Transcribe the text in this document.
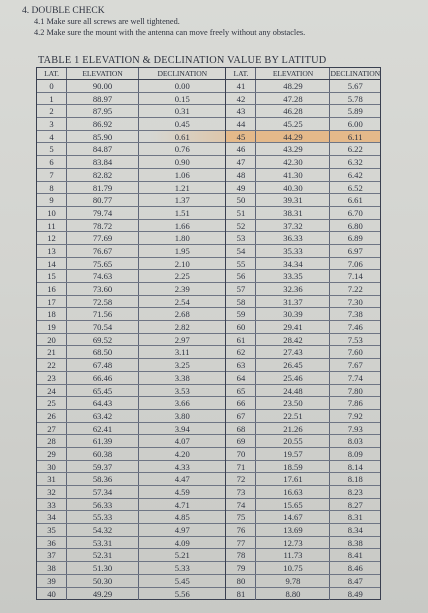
4. DOUBLE CHECK
4.1 Make sure all screws are well tightened.
4.2 Make sure the mount with the antenna can move freely without any obstacles.
TABLE 1 ELEVATION & DECLINATION VALUE BY LATITUD
LAT.	ELEVATION	DECLINATION
0	90.00	0.00
1	88.97	0.15
2	87.95	0.31
3	86.92	0.45
4	85.90	0.61
5	84.87	0.76
6	83.84	0.90
7	82.82	1.06
8	81.79	1.21
9	80.77	1.37
10	79.74	1.51
11	78.72	1.66
12	77.69	1.80
13	76.67	1.95
14	75.65	2.10
15	74.63	2.25
16	73.60	2.39
17	72.58	2.54
18	71.56	2.68
19	70.54	2.82
20	69.52	2.97
21	68.50	3.11
22	67.48	3.25
23	66.46	3.38
24	65.45	3.53
25	64.43	3.66
26	63.42	3.80
27	62.41	3.94
28	61.39	4.07
29	60.38	4.20
30	59.37	4.33
31	58.36	4.47
32	57.34	4.59
33	56.33	4.71
34	55.33	4.85
35	54.32	4.97
36	53.31	4.09
37	52.31	5.21
38	51.30	5.33
39	50.30	5.45
40	49.29	5.56
LAT.	ELEVATION	DECLINATION
41	48.29	5.67
42	47.28	5.78
43	46.28	5.89
44	45.25	6.00
45	44.29	6.11
46	43.29	6.22
47	42.30	6.32
48	41.30	6.42
49	40.30	6.52
50	39.31	6.61
51	38.31	6.70
52	37.32	6.80
53	36.33	6.89
54	35.33	6.97
55	34.34	7.06
56	33.35	7.14
57	32.36	7.22
58	31.37	7.30
59	30.39	7.38
60	29.41	7.46
61	28.42	7.53
62	27.43	7.60
63	26.45	7.67
64	25.46	7.74
65	24.48	7.80
66	23.50	7.86
67	22.51	7.92
68	21.26	7.93
69	20.55	8.03
70	19.57	8.09
71	18.59	8.14
72	17.61	8.18
73	16.63	8.23
74	15.65	8.27
75	14.67	8.31
76	13.69	8.34
77	12.73	8.38
78	11.73	8.41
79	10.75	8.46
80	9.78	8.47
81	8.80	8.49
